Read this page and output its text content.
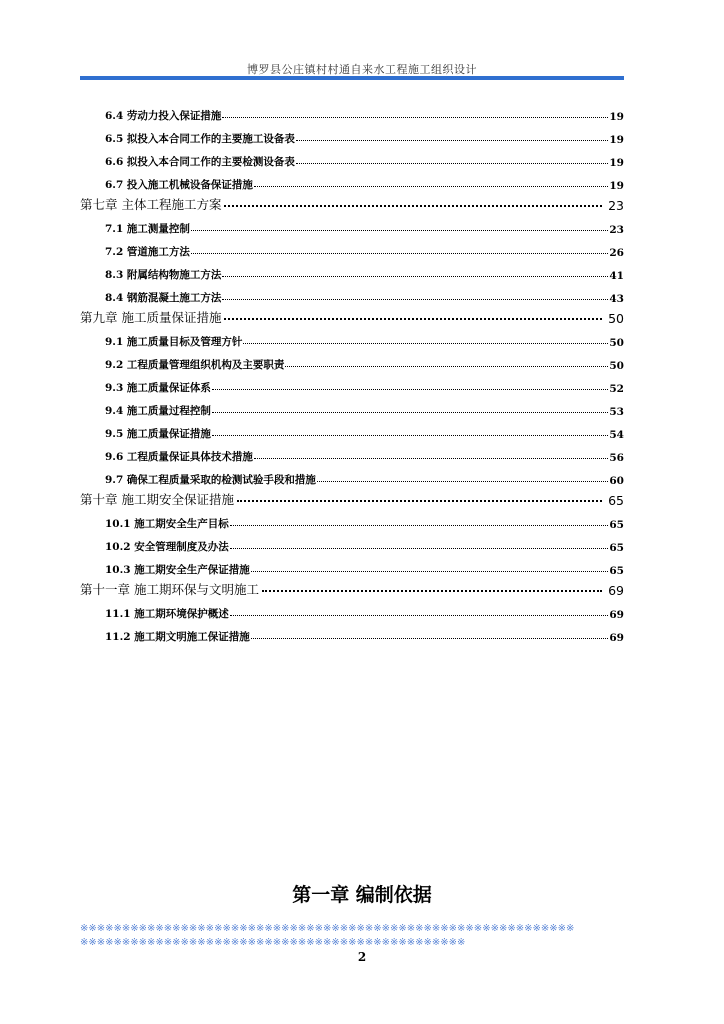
博罗县公庄镇村村通自来水工程施工组织设计
6.4 劳动力投入保证措施	19
6.5 拟投入本合同工作的主要施工设备表	19
6.6 拟投入本合同工作的主要检测设备表	19
6.7 投入施工机械设备保证措施	19
第七章 主体工程施工方案	23
7.1 施工测量控制	23
7.2 管道施工方法	26
8.3 附属结构物施工方法	41
8.4 钢筋混凝土施工方法	43
第九章 施工质量保证措施	50
9.1 施工质量目标及管理方针	50
9.2 工程质量管理组织机构及主要职责	50
9.3 施工质量保证体系	52
9.4 施工质量过程控制	53
9.5 施工质量保证措施	54
9.6 工程质量保证具体技术措施	56
9.7 确保工程质量采取的检测试验手段和措施	60
第十章 施工期安全保证措施	65
10.1 施工期安全生产目标	65
10.2 安全管理制度及办法	65
10.3 施工期安全生产保证措施	65
第十一章 施工期环保与文明施工	69
11.1 施工期环境保护概述	69
11.2 施工期文明施工保证措施	69
第一章 编制依据
※※※※※※※※※※※※※※※※※※※※※※※※※※※※※※※※※※※※※※※※※※※※※※※※※※※※※※※※※※※
※※※※※※※※※※※※※※※※※※※※※※※※※※※※※※※※※※※※※※※※※※※※※※
2
